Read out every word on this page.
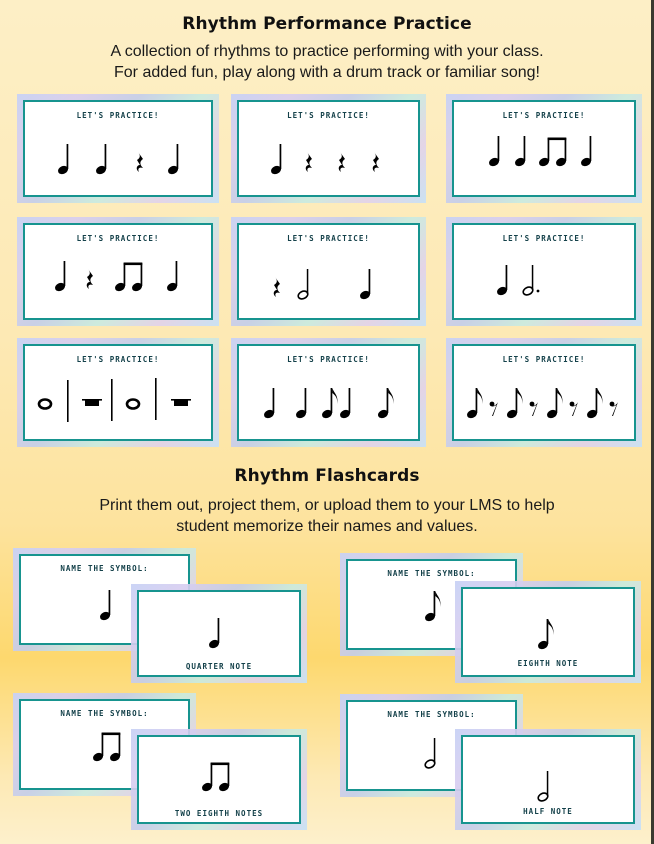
Rhythm Performance Practice
A collection of rhythms to practice performing with your class.
For added fun, play along with a drum track or familiar song!
LET'S PRACTICE!	LET'S PRACTICE!	LET'S PRACTICE!
LET'S PRACTICE!	LET'S PRACTICE!	LET'S PRACTICE!
LET'S PRACTICE!	LET'S PRACTICE!	LET'S PRACTICE!
Rhythm Flashcards
Print them out, project them, or upload them to your LMS to help
student memorize their names and values.
NAME THE SYMBOL:
QUARTER NOTE
NAME THE SYMBOL:
EIGHTH NOTE
NAME THE SYMBOL:
TWO EIGHTH NOTES
NAME THE SYMBOL:
HALF NOTE
